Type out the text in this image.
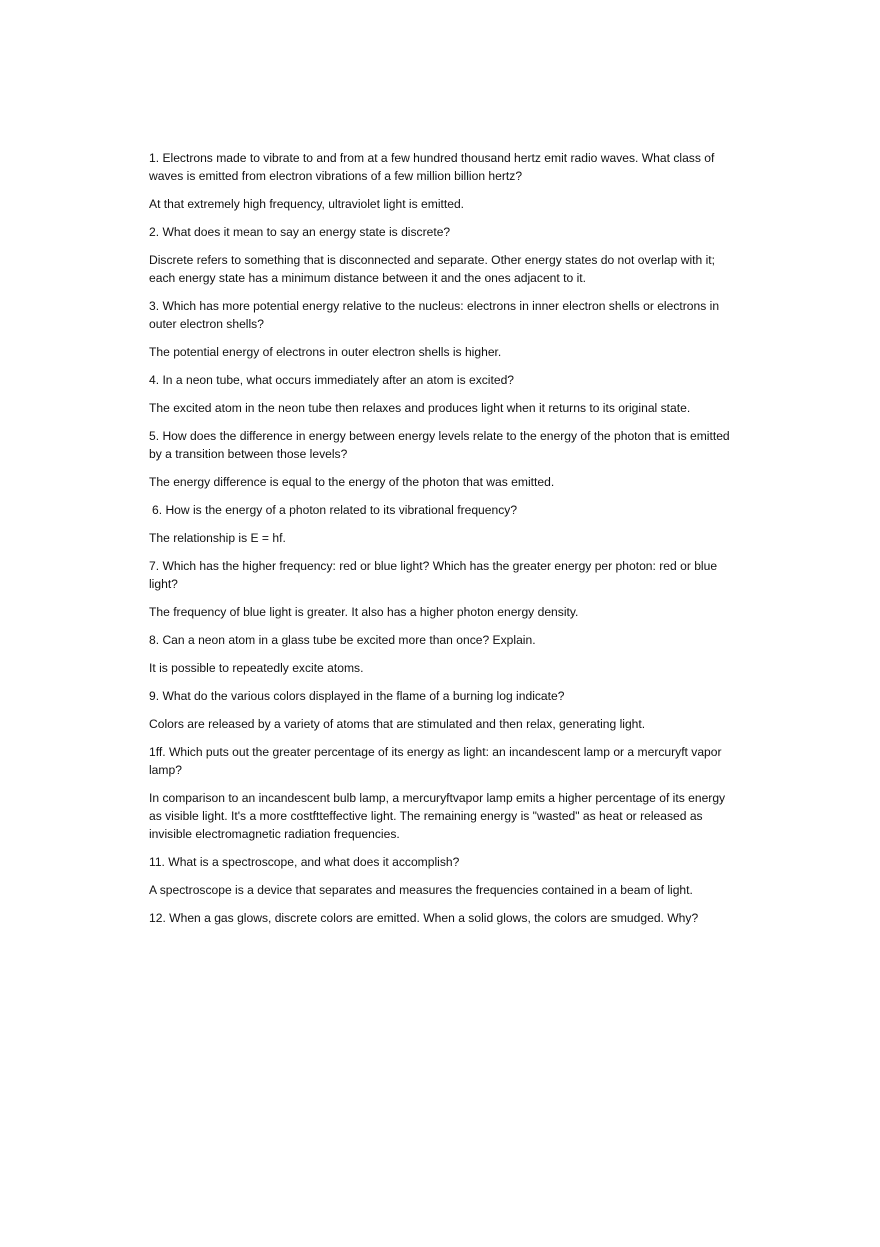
1. Electrons made to vibrate to and from at a few hundred thousand hertz emit radio waves. What class of waves is emitted from electron vibrations of a few million billion hertz?

At that extremely high frequency, ultraviolet light is emitted.

2. What does it mean to say an energy state is discrete?

Discrete refers to something that is disconnected and separate. Other energy states do not overlap with it; each energy state has a minimum distance between it and the ones adjacent to it.

3. Which has more potential energy relative to the nucleus: electrons in inner electron shells or electrons in outer electron shells?

The potential energy of electrons in outer electron shells is higher.

4. In a neon tube, what occurs immediately after an atom is excited?

The excited atom in the neon tube then relaxes and produces light when it returns to its original state.

5. How does the difference in energy between energy levels relate to the energy of the photon that is emitted by a transition between those levels?

The energy difference is equal to the energy of the photon that was emitted.

6. How is the energy of a photon related to its vibrational frequency?

The relationship is E = hf.

7. Which has the higher frequency: red or blue light? Which has the greater energy per photon: red or blue light?

The frequency of blue light is greater. It also has a higher photon energy density.

8. Can a neon atom in a glass tube be excited more than once? Explain.

It is possible to repeatedly excite atoms.

9. What do the various colors displayed in the flame of a burning log indicate?

Colors are released by a variety of atoms that are stimulated and then relax, generating light.

1ff. Which puts out the greater percentage of its energy as light: an incandescent lamp or a mercuryft vapor lamp?

In comparison to an incandescent bulb lamp, a mercuryftvapor lamp emits a higher percentage of its energy as visible light. It's a more costftteffective light. The remaining energy is "wasted" as heat or released as invisible electromagnetic radiation frequencies.

11. What is a spectroscope, and what does it accomplish?

A spectroscope is a device that separates and measures the frequencies contained in a beam of light.

12. When a gas glows, discrete colors are emitted. When a solid glows, the colors are smudged. Why?
